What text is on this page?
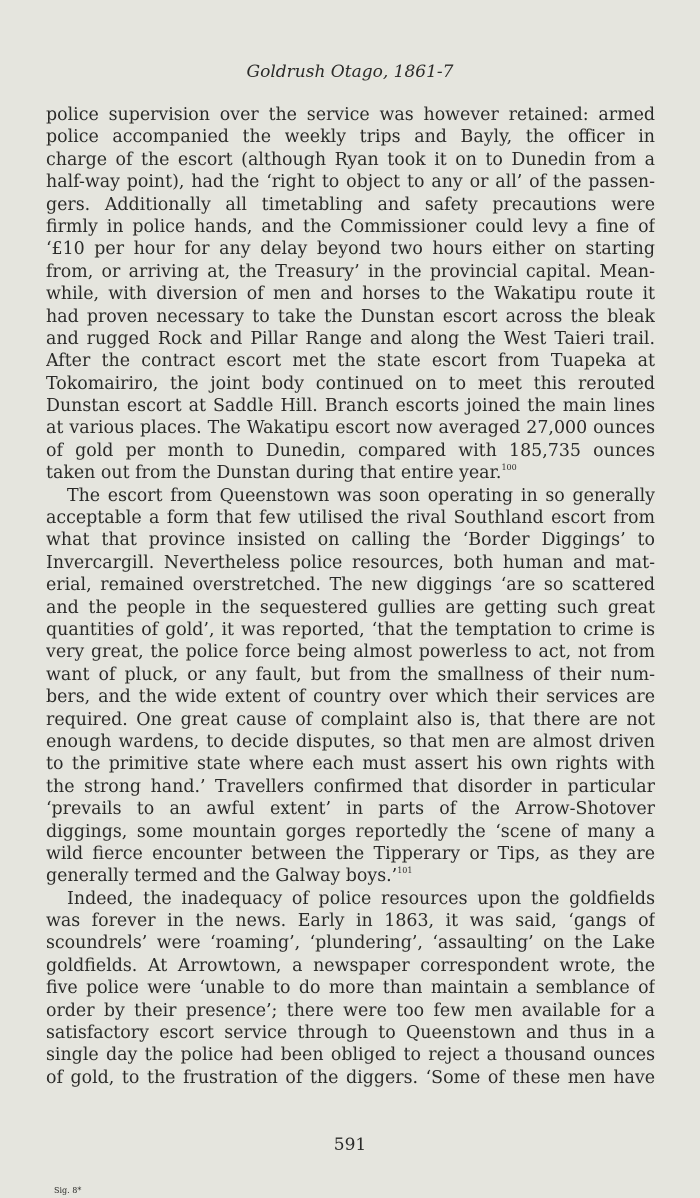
Goldrush Otago, 1861-7
police supervision over the service was however retained: armed
police accompanied the weekly trips and Bayly, the officer in
charge of the escort (although Ryan took it on to Dunedin from a
half-way point), had the ‘right to object to any or all’ of the passen-
gers. Additionally all timetabling and safety precautions were
firmly in police hands, and the Commissioner could levy a fine of
‘£10 per hour for any delay beyond two hours either on starting
from, or arriving at, the Treasury’ in the provincial capital. Mean-
while, with diversion of men and horses to the Wakatipu route it
had proven necessary to take the Dunstan escort across the bleak
and rugged Rock and Pillar Range and along the West Taieri trail.
After the contract escort met the state escort from Tuapeka at
Tokomairiro, the joint body continued on to meet this rerouted
Dunstan escort at Saddle Hill. Branch escorts joined the main lines
at various places. The Wakatipu escort now averaged 27,000 ounces
of gold per month to Dunedin, compared with 185,735 ounces
taken out from the Dunstan during that entire year.$^{100}$
The escort from Queenstown was soon operating in so generally
acceptable a form that few utilised the rival Southland escort from
what that province insisted on calling the ‘Border Diggings’ to
Invercargill. Nevertheless police resources, both human and mat-
erial, remained overstretched. The new diggings ‘are so scattered
and the people in the sequestered gullies are getting such great
quantities of gold’, it was reported, ‘that the temptation to crime is
very great, the police force being almost powerless to act, not from
want of pluck, or any fault, but from the smallness of their num-
bers, and the wide extent of country over which their services are
required. One great cause of complaint also is, that there are not
enough wardens, to decide disputes, so that men are almost driven
to the primitive state where each must assert his own rights with
the strong hand.’ Travellers confirmed that disorder in particular
‘prevails to an awful extent’ in parts of the Arrow-Shotover
diggings, some mountain gorges reportedly the ‘scene of many a
wild fierce encounter between the Tipperary or Tips, as they are
generally termed and the Galway boys.’$^{101}$
Indeed, the inadequacy of police resources upon the goldfields
was forever in the news. Early in 1863, it was said, ‘gangs of
scoundrels’ were ‘roaming’, ‘plundering’, ‘assaulting’ on the Lake
goldfields. At Arrowtown, a newspaper correspondent wrote, the
five police were ‘unable to do more than maintain a semblance of
order by their presence’; there were too few men available for a
satisfactory escort service through to Queenstown and thus in a
single day the police had been obliged to reject a thousand ounces
of gold, to the frustration of the diggers. ‘Some of these men have
591
Sig. 8*
